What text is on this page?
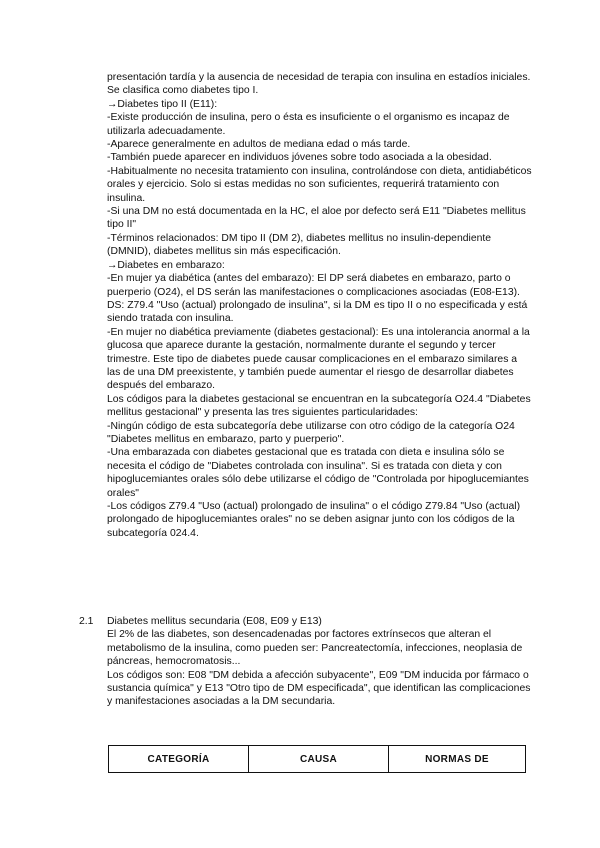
presentación tardía y la ausencia de necesidad de terapia con insulina en estadíos iniciales. Se clasifica como diabetes tipo I.

→Diabetes tipo II (E11):

-Existe producción de insulina, pero o ésta es insuficiente o el organismo es incapaz de utilizarla adecuadamente.

-Aparece generalmente en adultos de mediana edad o más tarde.

-También puede aparecer en individuos jóvenes sobre todo asociada a la obesidad.

-Habitualmente no necesita tratamiento con insulina, controlándose con dieta, antidiabéticos orales y ejercicio. Solo si estas medidas no son suficientes, requerirá tratamiento con insulina.

-Si una DM no está documentada en la HC, el aloe por defecto será E11 "Diabetes mellitus tipo II"

-Términos relacionados: DM tipo II (DM 2), diabetes mellitus no insulin-dependiente (DMNID), diabetes mellitus sin más especificación.

→Diabetes en embarazo:

-En mujer ya diabética (antes del embarazo): El DP será diabetes en embarazo, parto o puerperio (O24), el DS serán las manifestaciones o complicaciones asociadas (E08-E13).

DS: Z79.4 "Uso (actual) prolongado de insulina", si la DM es tipo II o no especificada y está siendo tratada con insulina.

-En mujer no diabética previamente (diabetes gestacional): Es una intolerancia anormal a la glucosa que aparece durante la gestación, normalmente durante el segundo y tercer trimestre. Este tipo de diabetes puede causar complicaciones en el embarazo similares a las de una DM preexistente, y también puede aumentar el riesgo de desarrollar diabetes después del embarazo.

Los códigos para la diabetes gestacional se encuentran en la subcategoría O24.4 "Diabetes mellitus gestacional" y presenta las tres siguientes particularidades:

-Ningún código de esta subcategoría debe utilizarse con otro código de la categoría O24 "Diabetes mellitus en embarazo, parto y puerperio".

-Una embarazada con diabetes gestacional que es tratada con dieta e insulina sólo se necesita el código de "Diabetes controlada con insulina". Si es tratada con dieta y con hipoglucemiantes orales sólo debe utilizarse el código de "Controlada por hipoglucemiantes orales"

-Los códigos Z79.4 "Uso (actual) prolongado de insulina" o el código Z79.84 "Uso (actual) prolongado de hipoglucemiantes orales" no se deben asignar junto con los códigos de la subcategoría 024.4.

2.1	Diabetes mellitus secundaria (E08, E09 y E13)

El 2% de las diabetes, son desencadenadas por factores extrínsecos que alteran el metabolismo de la insulina, como pueden ser: Pancreatectomía, infecciones, neoplasia de páncreas, hemocromatosis...

Los códigos son: E08 "DM debida a afección subyacente", E09 "DM inducida por fármaco o sustancia química" y E13 "Otro tipo de DM especificada", que identifican las complicaciones y manifestaciones asociadas a la DM secundaria.

CATEGORÍA	CAUSA	NORMAS DE
